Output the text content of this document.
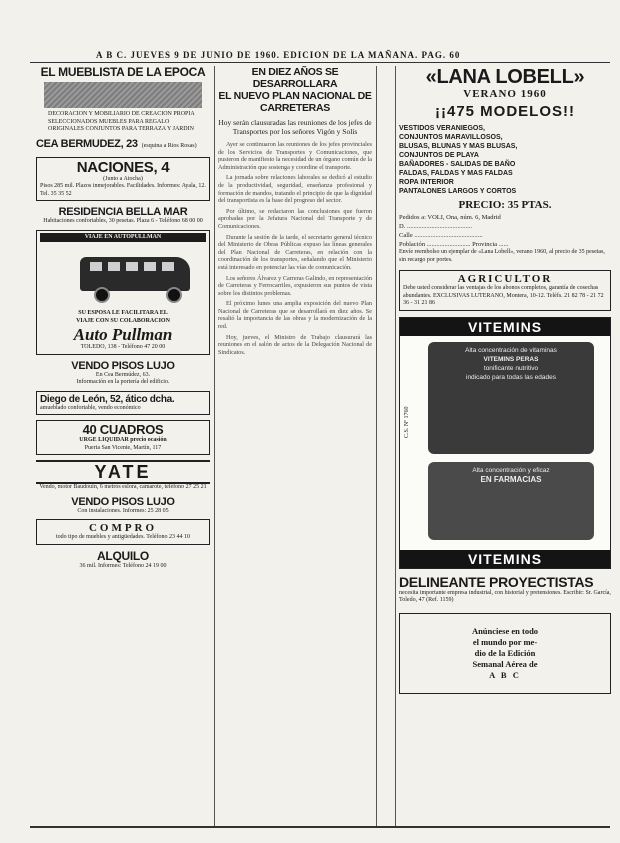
A B C. JUEVES 9 DE JUNIO DE 1960. EDICION DE LA MAÑANA. PAG. 60
EL MUEBLISTA DE LA EPOCA
DECORACION Y MOBILIARIO DE CREACION PROPIA
SELECCIONADOS MUEBLES PARA REGALO
ORIGINALES CONJUNTOS PARA TERRAZA Y JARDIN
CEA BERMUDEZ, 23 (esquina a Rios Rosas)
NACIONES, 4
(Junto a Atocha)
Pisos 285 mil. Plazos inmejorables. Facilidades. Informes: Ayala, 12. Tel. 35 35 52
RESIDENCIA BELLA MAR
Habitaciones confortables, 30 pesetas. Plaza 6 - Teléfono 68 00 00
VIAJE EN AUTOPULLMAN
SU ESPOSA LE FACILITARA EL
VIAJE CON SU COLABORACION
Auto Pullman
TOLEDO, 138 - Teléfono 47 20 00
VENDO PISOS LUJO
En Cea Bermúdez, 63.
Información en la portería del edificio.
Diego de León, 52, ático dcha.
amueblado confortable, vendo económico
40 CUADROS
URGE LIQUIDAR precio ocasión
Puerta San Vicente, Martín, 117
YATE
Vendo, motor Baudouin, 6 metros eslora, camarote, teléfono 27 25 21
VENDO PISOS LUJO
Con instalaciones. Informes: 25 28 05
COMPRO
todo tipo de muebles y antigüedades. Teléfono 23 44 10
ALQUILO
36 mil. Informes: Teléfono 24 19 00
EN DIEZ AÑOS SE DESARROLLARA
EL NUEVO PLAN NACIONAL DE
CARRETERAS
Hoy serán clausuradas las reuniones de los jefes de Transportes por los señores Vigón y Solís

Ayer se continuaron las reuniones de los jefes provinciales de los Servicios de Transportes y Comunicaciones, que pusieron de manifiesto la necesidad de un órgano común de la Administración que sostenga y coordine el transporte.

La jornada sobre relaciones laborales se dedicó al estudio de la productividad, seguridad, enseñanza profesional y formación de mandos, tratando el principio de que la dignidad del transportista es la base del progreso del sector.

Por último, se redactaron las conclusiones que fueron aprobadas por la Jefatura Nacional del Transporte y de Comunicaciones.

Durante la sesión de la tarde, el secretario general técnico del Ministerio de Obras Públicas expuso las líneas generales del Plan Nacional de Carreteras, en relación con la coordinación de los transportes, señalando que el Ministerio está interesado en potenciar las vías de comunicación.

Los señores Álvarez y Carreras Galindo, en representación de Carreteras y Ferrocarriles, expusieron sus puntos de vista sobre los distintos problemas.

El próximo lunes una amplia exposición del nuevo Plan Nacional de Carreteras que se desarrollará en diez años. Se resaltó la importancia de las obras y la modernización de la red.

Hoy, jueves, el Ministro de Trabajo clausurará las reuniones en el salón de actos de la Delegación Nacional de Sindicatos.

«LANA LOBELL»
VERANO 1960
¡¡475 MODELOS!!
VESTIDOS VERANIEGOS,
CONJUNTOS MARAVILLOSOS,
BLUSAS, BLUNAS Y MAS BLUSAS,
CONJUNTOS DE PLAYA
BAÑADORES - SALIDAS DE BAÑO
FALDAS, FALDAS Y MAS FALDAS
ROPA INTERIOR
PANTALONES LARGOS Y CORTOS
PRECIO: 35 PTAS.
Pedidos a: VOLI, Ona, núm. 6, Madrid
D. ........................................
Calle ..........................................
Población ........................... Provincia ......
Envíe reembolso un ejemplar de «Lana Lobell», verano 1960, al precio de 35 pesetas, sin recargo por portes.
AGRICULTOR
Debe usted considerar las ventajas de los abonos completos, garantía de cosechas abundantes. EXCLUSIVAS LUTERANO, Montera, 10-12. Teléfs. 21 82 78 - 21 72 36 - 31 21 86
VITEMINS
C.S. Nº 1760
Alta concentración de vitaminas
VITEMINS PERAS
tonificante nutritivo
indicado para todas las edades
Alta concentración y eficaz
EN FARMACIAS
VITEMINS
DELINEANTE PROYECTISTAS
necesita importante empresa industrial, con historial y pretensiones. Escribir: Sr. García, Toledo, 47 (Ref. 1159)
Anúnciese en todo
el mundo por me-
dio de la Edición
Semanal Aérea de
A B C
